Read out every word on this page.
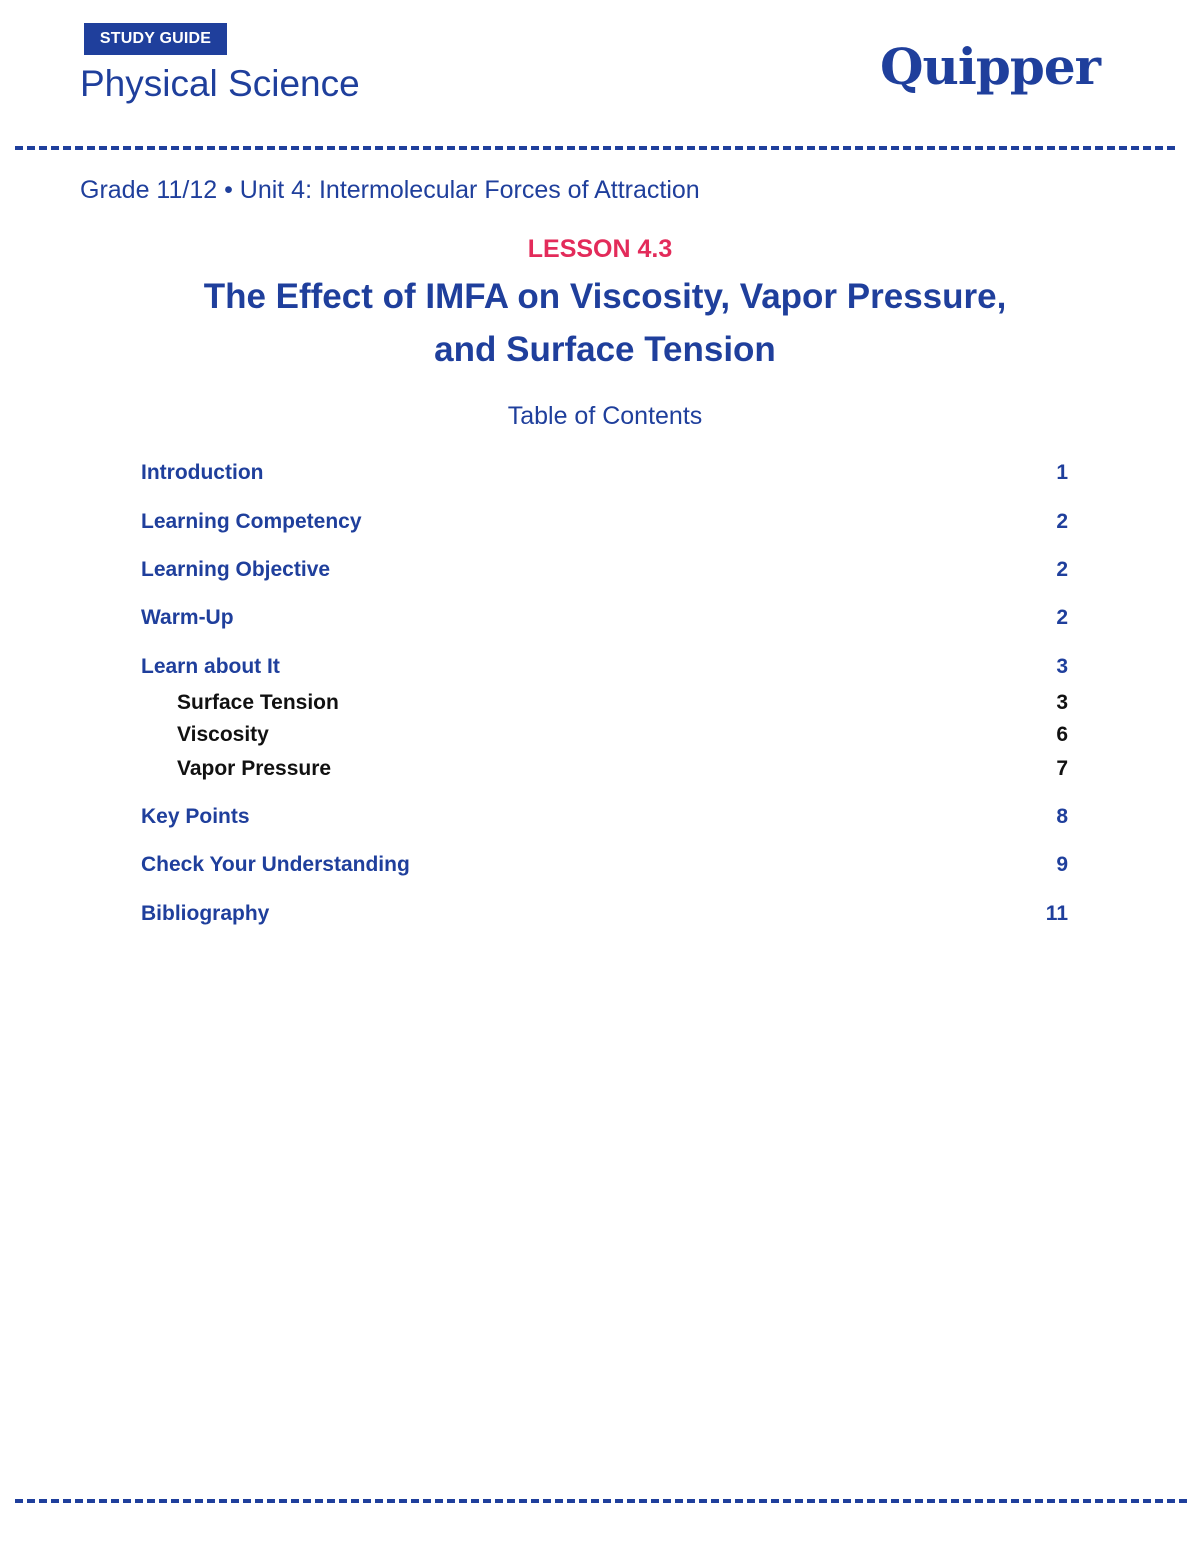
STUDY GUIDE
Physical Science	Quipper
Grade 11/12 • Unit 4: Intermolecular Forces of Attraction
LESSON 4.3
The Effect of IMFA on Viscosity, Vapor Pressure,
and Surface Tension
Table of Contents
Introduction	1
Learning Competency	2
Learning Objective	2
Warm-Up	2
Learn about It	3
Surface Tension	3
Viscosity	6
Vapor Pressure	7
Key Points	8
Check Your Understanding	9
Bibliography	11
